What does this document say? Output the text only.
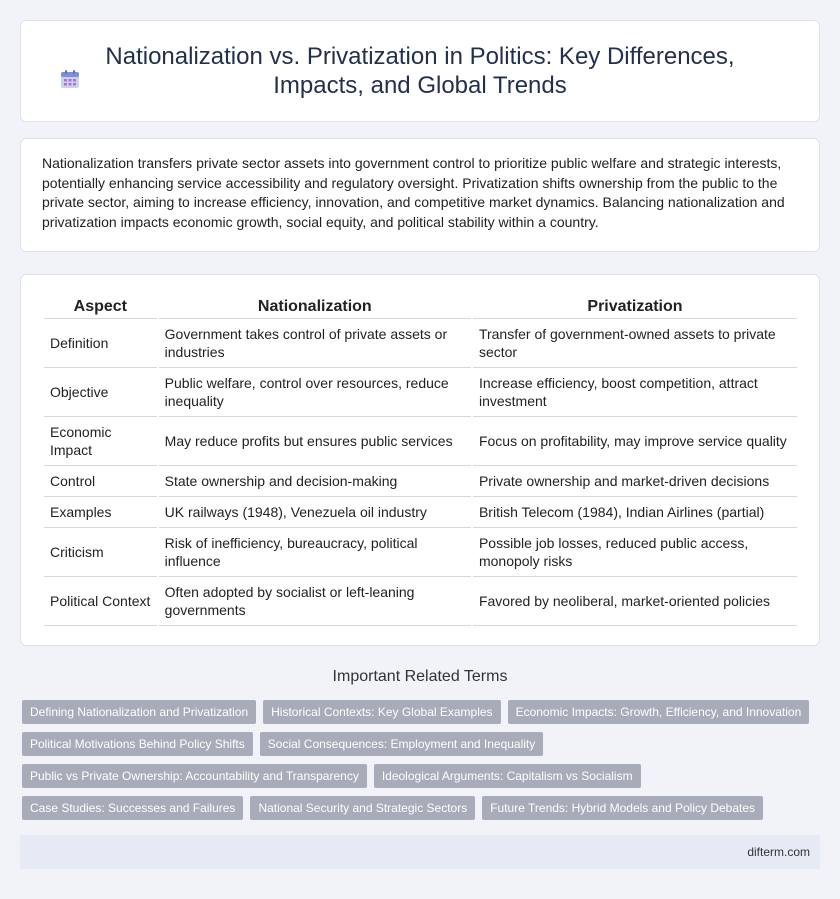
Nationalization vs. Privatization in Politics: Key Differences, Impacts, and Global Trends

Nationalization transfers private sector assets into government control to prioritize public welfare and strategic interests, potentially enhancing service accessibility and regulatory oversight. Privatization shifts ownership from the public to the private sector, aiming to increase efficiency, innovation, and competitive market dynamics. Balancing nationalization and privatization impacts economic growth, social equity, and political stability within a country.

Aspect	Nationalization	Privatization
Definition	Government takes control of private assets or industries	Transfer of government-owned assets to private sector
Objective	Public welfare, control over resources, reduce inequality	Increase efficiency, boost competition, attract investment
Economic Impact	May reduce profits but ensures public services	Focus on profitability, may improve service quality
Control	State ownership and decision-making	Private ownership and market-driven decisions
Examples	UK railways (1948), Venezuela oil industry	British Telecom (1984), Indian Airlines (partial)
Criticism	Risk of inefficiency, bureaucracy, political influence	Possible job losses, reduced public access, monopoly risks
Political Context	Often adopted by socialist or left-leaning governments	Favored by neoliberal, market-oriented policies
Important Related Terms
Defining Nationalization and Privatization	Historical Contexts: Key Global Examples	Economic Impacts: Growth, Efficiency, and Innovation
Political Motivations Behind Policy Shifts	Social Consequences: Employment and Inequality
Public vs Private Ownership: Accountability and Transparency	Ideological Arguments: Capitalism vs Socialism
Case Studies: Successes and Failures	National Security and Strategic Sectors	Future Trends: Hybrid Models and Policy Debates
difterm.com
